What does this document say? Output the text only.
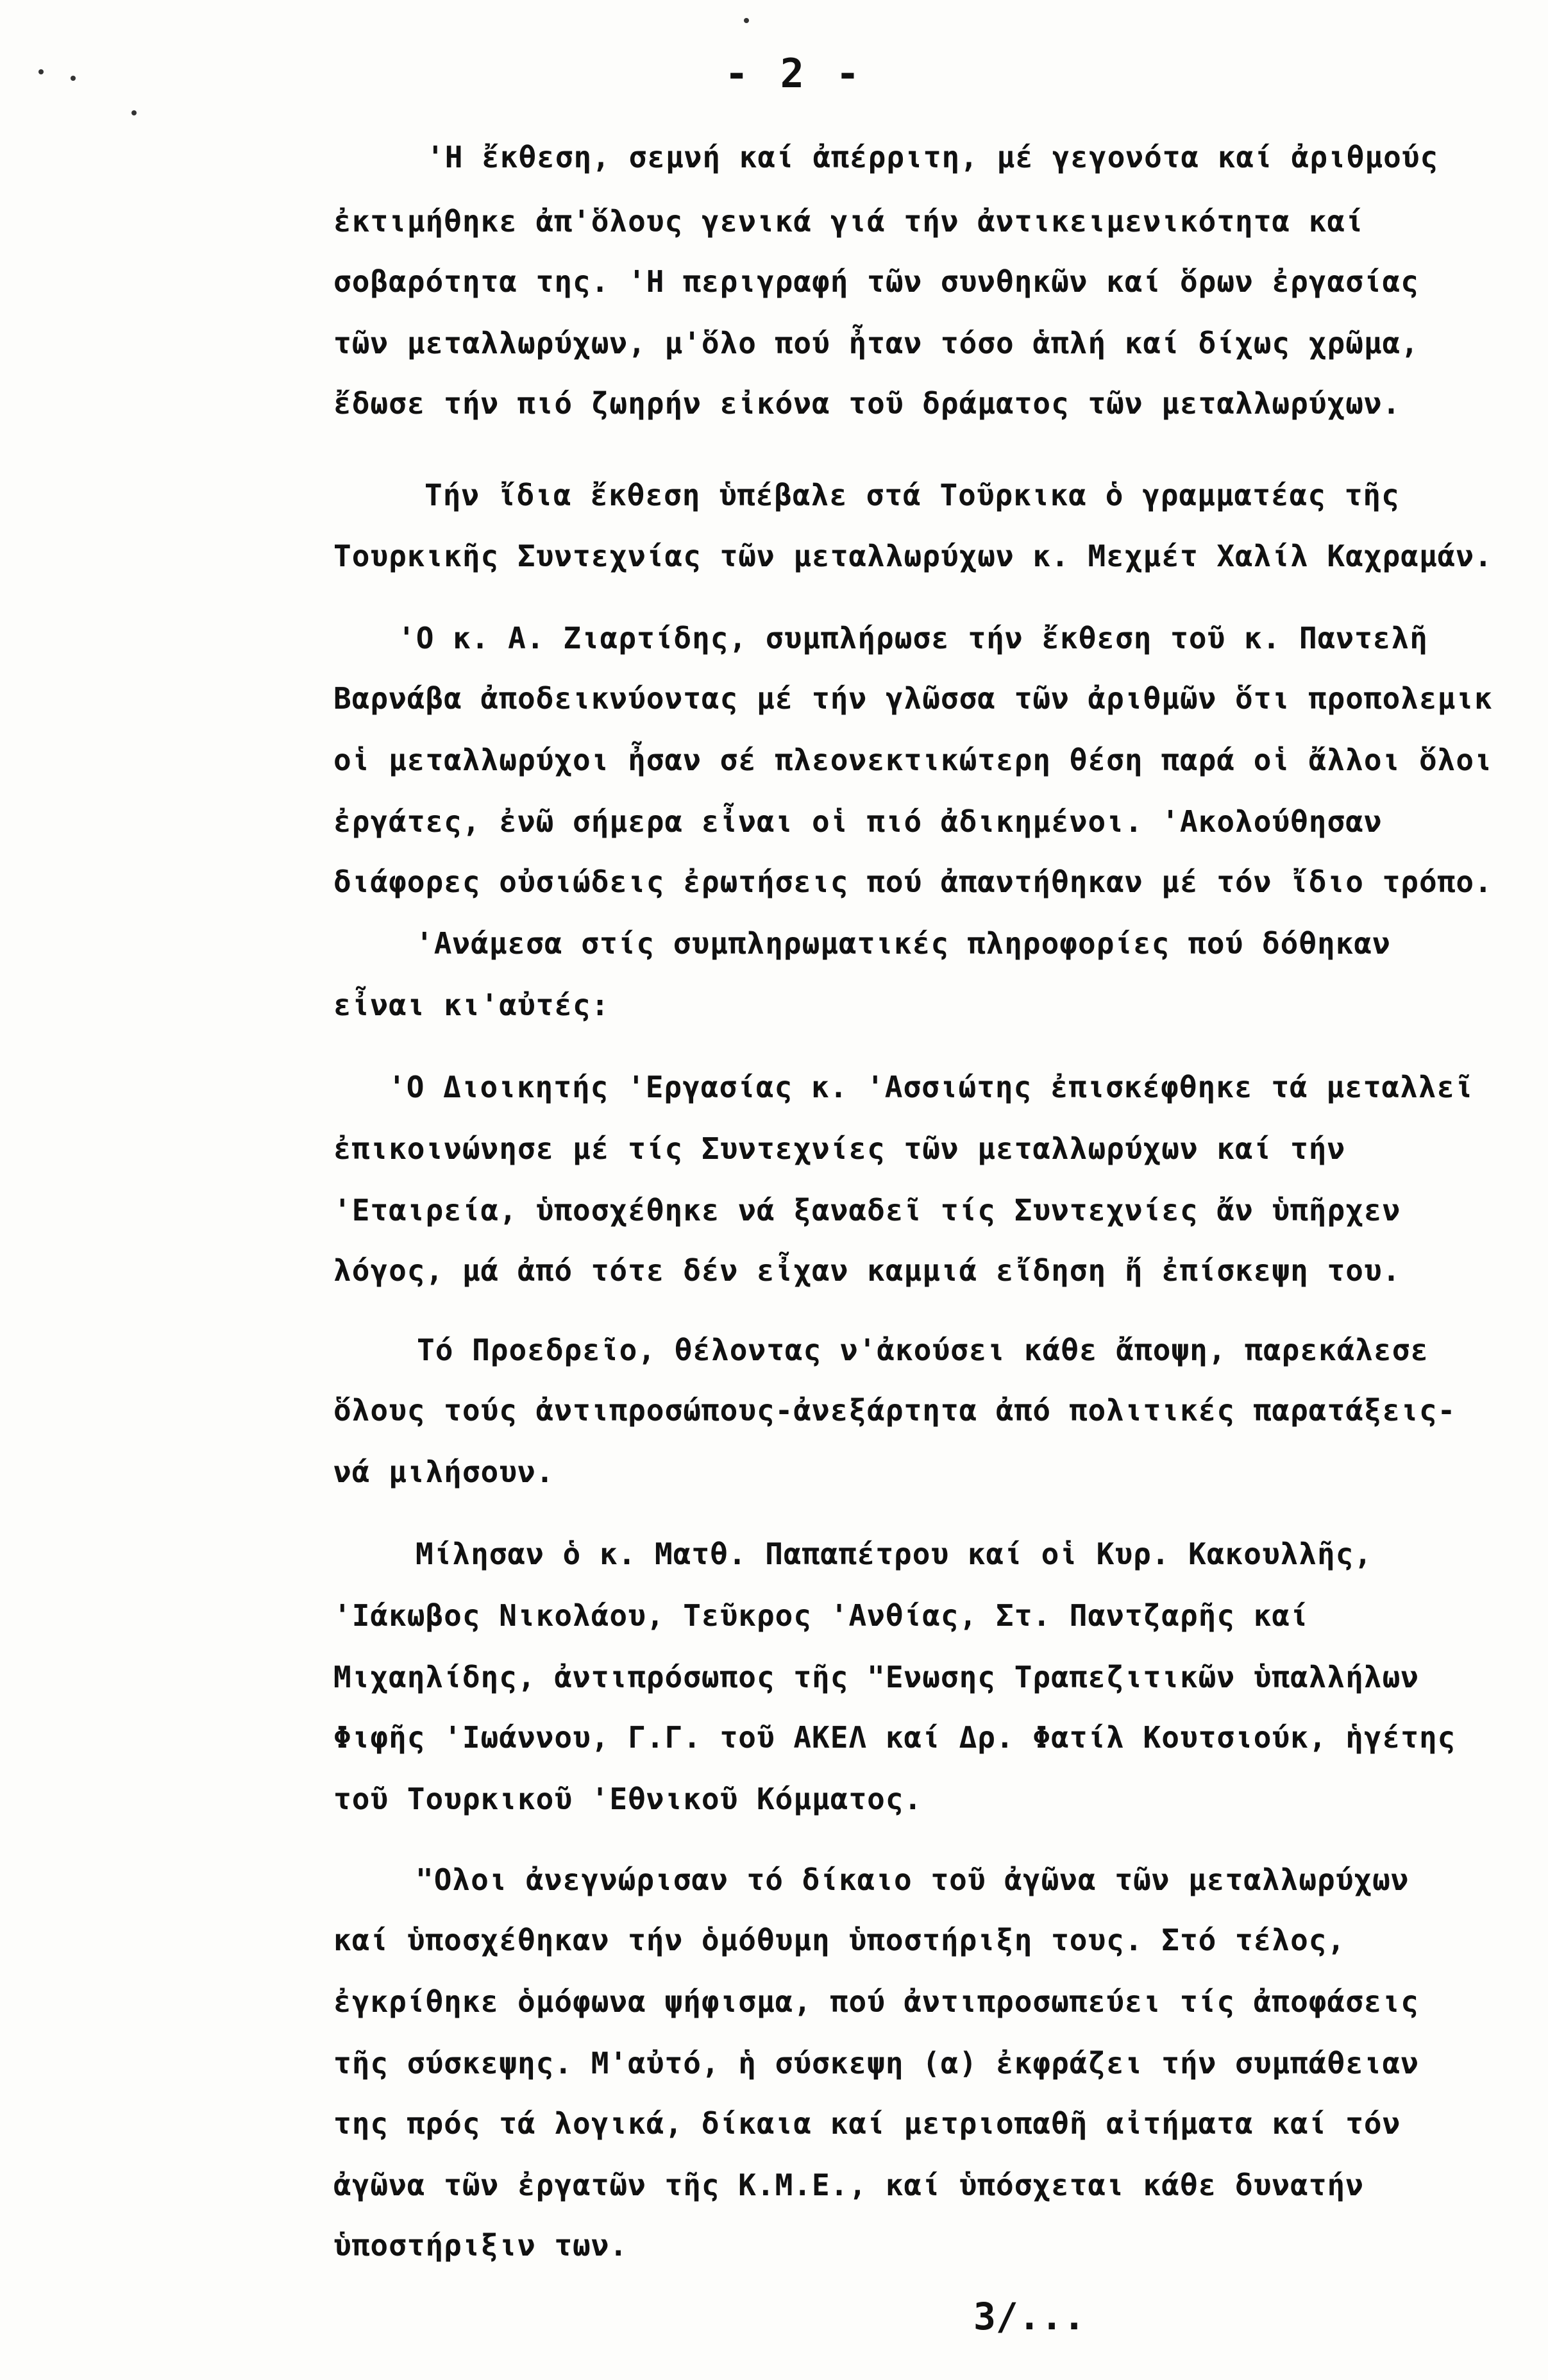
- 2 -
'Η ἔκθεση, σεμνή καί ἀπέρριτη, μέ γεγονότα καί ἀριθμούς
ἐκτιμήθηκε ἀπ'ὅλους γενικά γιά τήν ἀντικειμενικότητα καί
σοβαρότητα της. 'Η περιγραφή τῶν συνθηκῶν καί ὅρων ἐργασίας
τῶν μεταλλωρύχων, μ'ὅλο πού ἦταν τόσο ἁπλή καί δίχως χρῶμα,
ἔδωσε τήν πιό ζωηρήν εἰκόνα τοῦ δράματος τῶν μεταλλωρύχων.
Τήν ἴδια ἔκθεση ὑπέβαλε στά Τοῦρκικα ὁ γραμματέας τῆς
Τουρκικῆς Συντεχνίας τῶν μεταλλωρύχων κ. Μεχμέτ Χαλίλ Καχραμάν.
'Ο κ. Α. Ζιαρτίδης, συμπλήρωσε τήν ἔκθεση τοῦ κ. Παντελῆ
Βαρνάβα ἀποδεικνύοντας μέ τήν γλῶσσα τῶν ἀριθμῶν ὅτι προπολεμικ
οἱ μεταλλωρύχοι ἦσαν σέ πλεονεκτικώτερη θέση παρά οἱ ἄλλοι ὅλοι
ἐργάτες, ἐνῶ σήμερα εἶναι οἱ πιό ἀδικημένοι. 'Ακολούθησαν
διάφορες οὐσιώδεις ἐρωτήσεις πού ἀπαντήθηκαν μέ τόν ἴδιο τρόπο.
'Ανάμεσα στίς συμπληρωματικές πληροφορίες πού δόθηκαν
εἶναι κι'αὐτές:
'Ο Διοικητής 'Εργασίας κ. 'Ασσιώτης ἐπισκέφθηκε τά μεταλλεῖ
ἐπικοινώνησε μέ τίς Συντεχνίες τῶν μεταλλωρύχων καί τήν
'Εταιρεία, ὑποσχέθηκε νά ξαναδεῖ τίς Συντεχνίες ἄν ὑπῆρχεν
λόγος, μά ἀπό τότε δέν εἶχαν καμμιά εἴδηση ἤ ἐπίσκεψη του.
Τό Προεδρεῖο, θέλοντας ν'ἀκούσει κάθε ἄποψη, παρεκάλεσε
ὅλους τούς ἀντιπροσώπους-ἀνεξάρτητα ἀπό πολιτικές παρατάξεις-
νά μιλήσουν.
Μίλησαν ὁ κ. Ματθ. Παπαπέτρου καί οἱ Κυρ. Κακουλλῆς,
'Ιάκωβος Νικολάου, Τεῦκρος 'Ανθίας, Στ. Παντζαρῆς καί
Μιχαηλίδης, ἀντιπρόσωπος τῆς "Ενωσης Τραπεζιτικῶν ὑπαλλήλων
Φιφῆς 'Ιωάννου, Γ.Γ. τοῦ ΑΚΕΛ καί Δρ. Φατίλ Κουτσιούκ, ἡγέτης
τοῦ Τουρκικοῦ 'Εθνικοῦ Κόμματος.
"Ολοι ἀνεγνώρισαν τό δίκαιο τοῦ ἀγῶνα τῶν μεταλλωρύχων
καί ὑποσχέθηκαν τήν ὁμόθυμη ὑποστήριξη τους. Στό τέλος,
ἐγκρίθηκε ὁμόφωνα ψήφισμα, πού ἀντιπροσωπεύει τίς ἀποφάσεις
τῆς σύσκεψης. Μ'αὐτό, ἡ σύσκεψη (α) ἐκφράζει τήν συμπάθειαν
της πρός τά λογικά, δίκαια καί μετριοπαθῆ αἰτήματα καί τόν
ἀγῶνα τῶν ἐργατῶν τῆς Κ.Μ.Ε., καί ὑπόσχεται κάθε δυνατήν
ὑποστήριξιν των.
3/...
